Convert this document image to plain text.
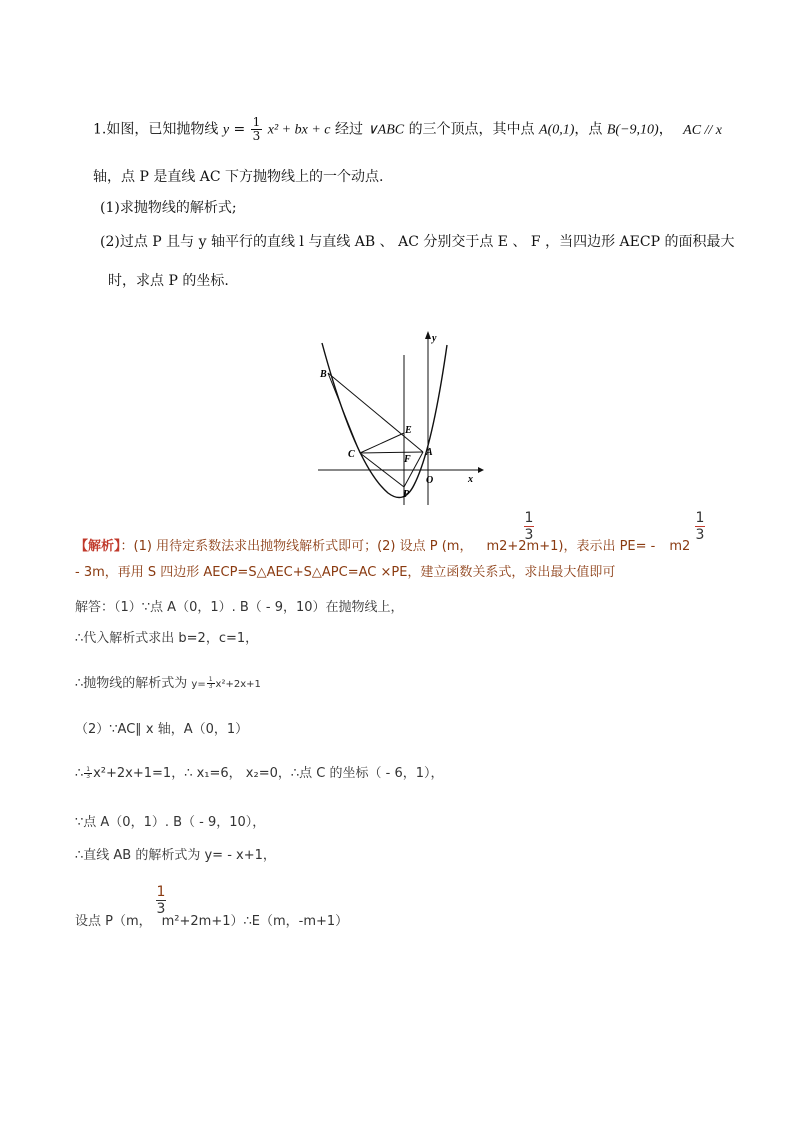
1.如图，已知抛物线 $y = \frac{1}{3} x^2$ + bx + c 经过 ∨ABC 的三个顶点，其中点 A(0,1)，点 B(−9,10)， AC // x
轴，点 P 是直线 AC 下方抛物线上的一个动点.
(1)求抛物线的解析式;
(2)过点 P 且与 y 轴平行的直线 l 与直线 AB 、 AC 分别交于点 E 、 F ，当四边形 AECP 的面积最大
时，求点 P 的坐标.
B
E
C	F
A
P
O	x
y
1
3
1
3
【解析】：(1) 用待定系数法求出抛物线解析式即可；(2) 设点 P (m， m2+2m+1)，表示出 PE= - m2
- 3m，再用 S 四边形 AECP=S△AEC+S△APC=AC ×PE，建立函数关系式，求出最大值即可
解答：（1）∵点 A（0，1）. B（ - 9，10）在抛物线上，
∴代入解析式求出 b=2，c=1，
∴抛物线的解析式为 $y= \frac{1}{3} x^2+2x+1$
（2）∵AC∥ x 轴，A（0，1）
∴ $\frac{1}{3} x^2+2x+1=1$，∴ x₁=6， x₂=0，∴点 C 的坐标（ - 6，1），
∵点 A（0，1）. B（ - 9，10），
∴直线 AB 的解析式为 y= - x+1，
1
3
设点 P（m， m²+2m+1）∴E（m，-m+1）
